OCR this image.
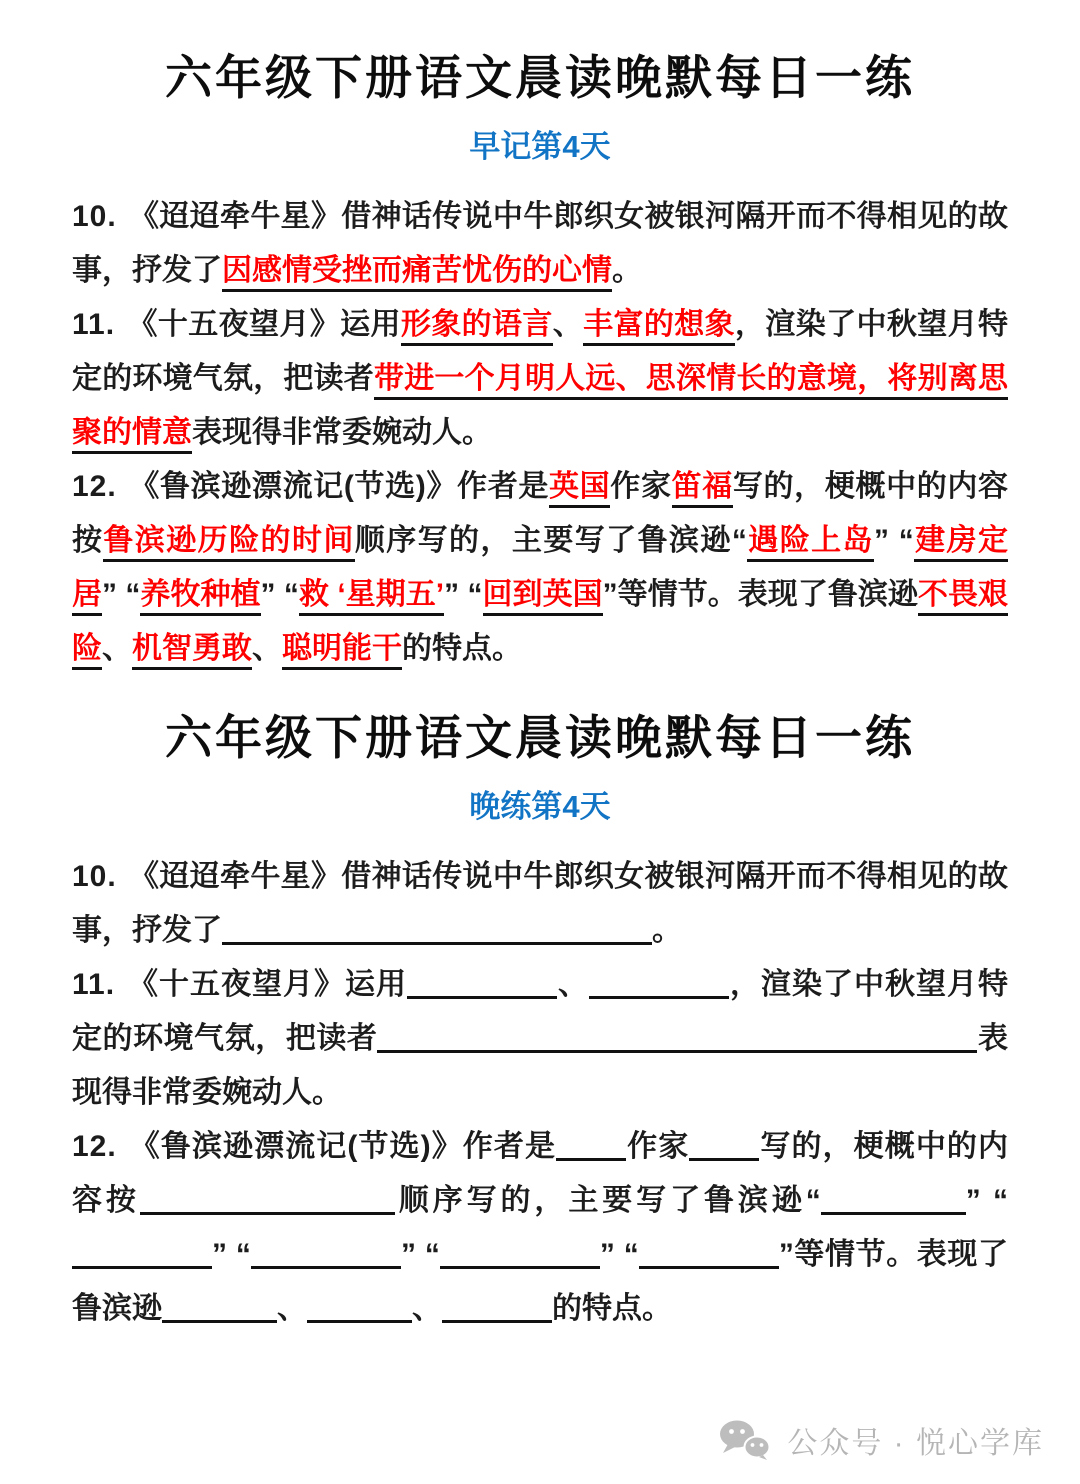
六年级下册语文晨读晚默每日一练
早记第4天

10. 《迢迢牵牛星》借神话传说中牛郎织女被银河隔开而不得相见的故事，抒发了因感情受挫而痛苦忧伤的心情。

11. 《十五夜望月》运用形象的语言、丰富的想象，渲染了中秋望月特定的环境气氛，把读者带进一个月明人远、思深情长的意境，将别离思聚的情意表现得非常委婉动人。

12. 《鲁滨逊漂流记(节选)》作者是英国作家笛福写的，梗概中的内容按鲁滨逊历险的时间顺序写的，主要写了鲁滨逊“遇险上岛” “建房定居” “养牧种植” “救 ‘星期五’” “回到英国”等情节。表现了鲁滨逊不畏艰险、机智勇敢、聪明能干的特点。

六年级下册语文晨读晚默每日一练
晚练第4天

10. 《迢迢牵牛星》借神话传说中牛郎织女被银河隔开而不得相见的故事，抒发了	。

11. 《十五夜望月》运用	、	，渲染了中秋望月特定的环境气氛，把读者	表现得非常委婉动人。

12. 《鲁滨逊漂流记(节选)》作者是 作家 写的，梗概中的内容按	顺序写的，主要写了鲁滨逊“	” “” “	” “	” “	”等情节。表现了鲁滨逊	、	、	的特点。

公众号 · 悦心学库
